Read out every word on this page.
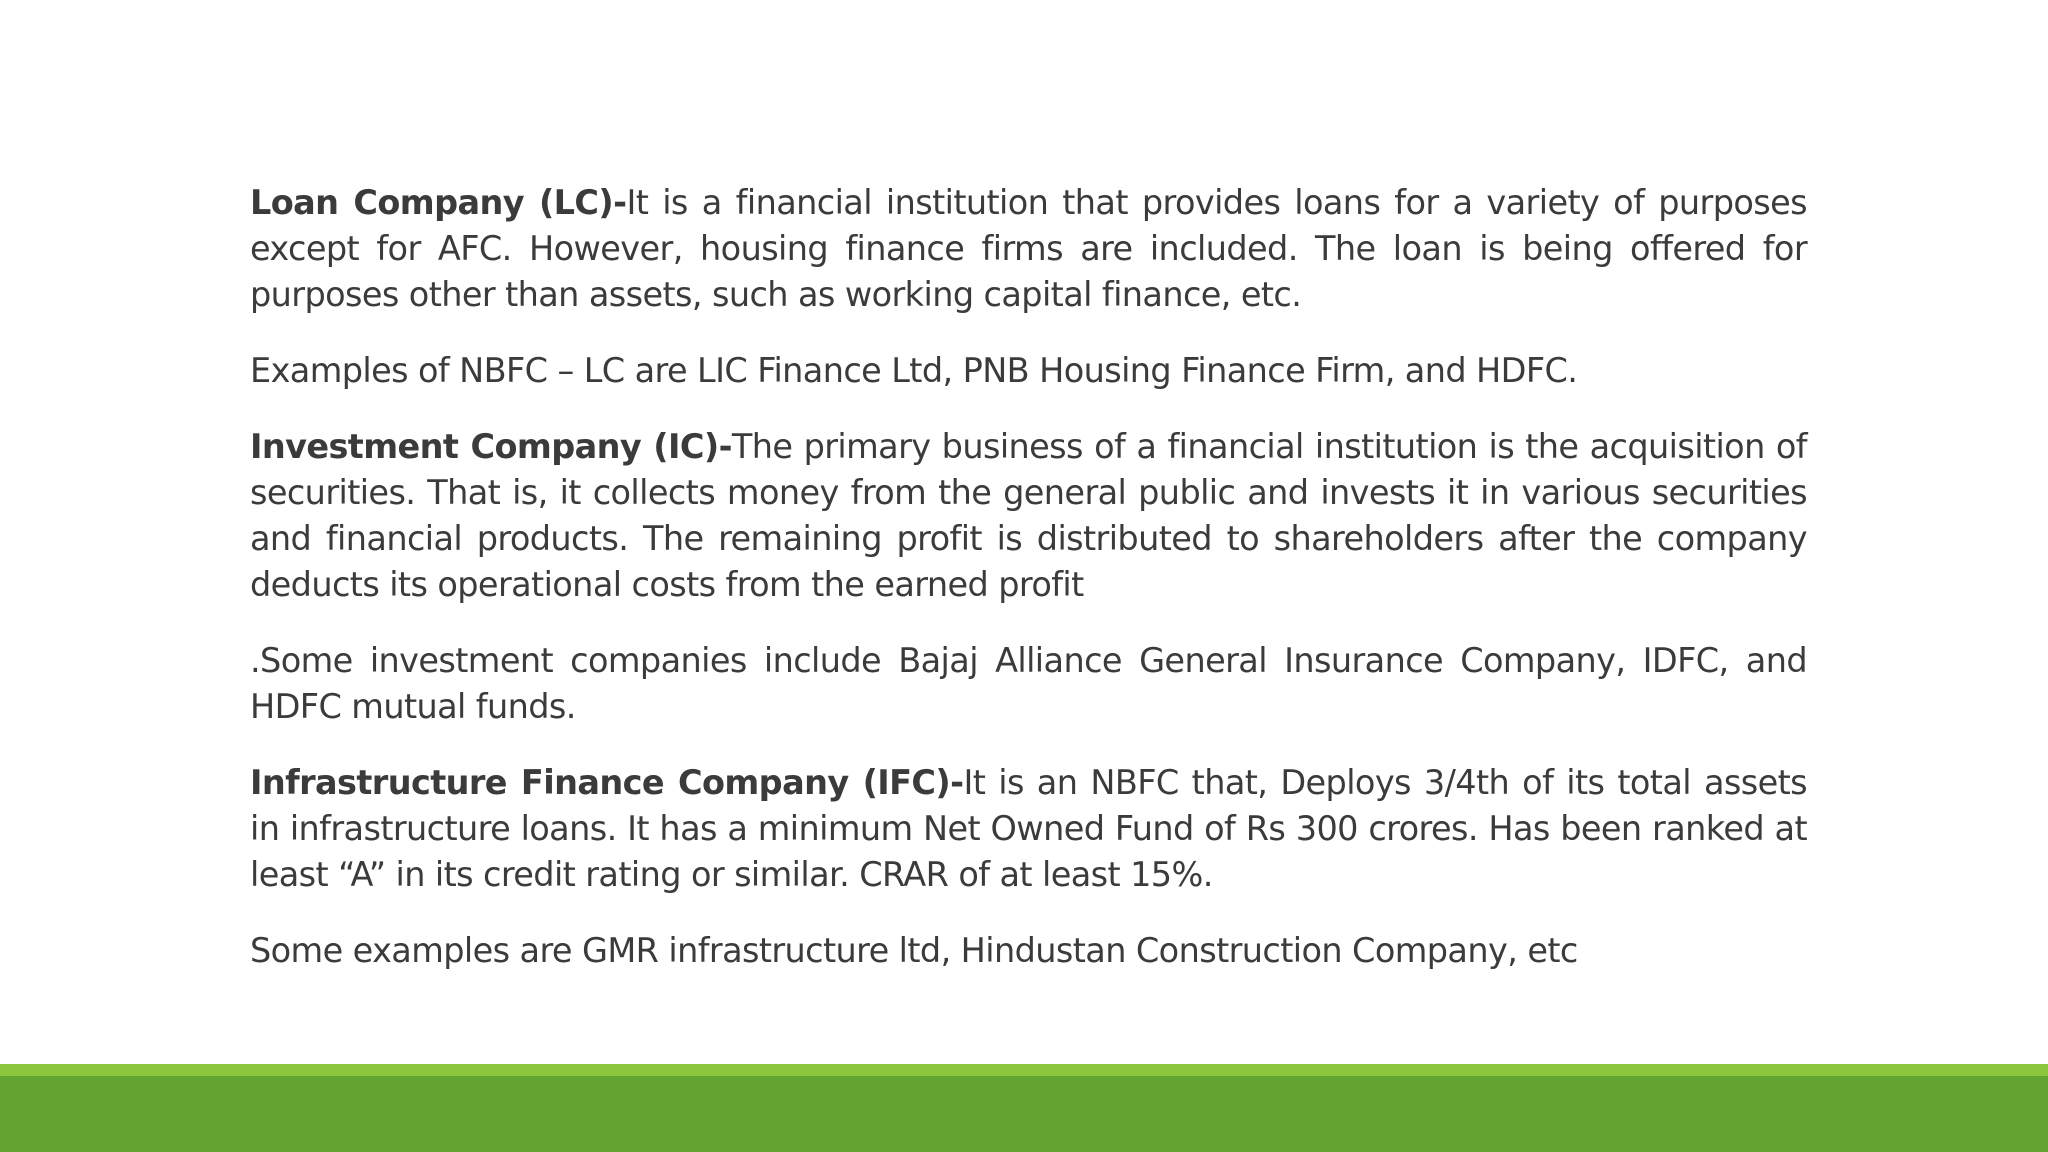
Loan Company (LC)-It is a financial institution that provides loans for a variety of purposes except for AFC. However, housing finance firms are included. The loan is being offered for purposes other than assets, such as working capital finance, etc.

Examples of NBFC – LC are LIC Finance Ltd, PNB Housing Finance Firm, and HDFC.

Investment Company (IC)-The primary business of a financial institution is the acquisition of securities. That is, it collects money from the general public and invests it in various securities and financial products. The remaining profit is distributed to shareholders after the company deducts its operational costs from the earned profit

.Some investment companies include Bajaj Alliance General Insurance Company, IDFC, and HDFC mutual funds.

Infrastructure Finance Company (IFC)-It is an NBFC that, Deploys 3/4th of its total assets in infrastructure loans. It has a minimum Net Owned Fund of Rs 300 crores. Has been ranked at least “A” in its credit rating or similar. CRAR of at least 15%.

Some examples are GMR infrastructure ltd, Hindustan Construction Company, etc
